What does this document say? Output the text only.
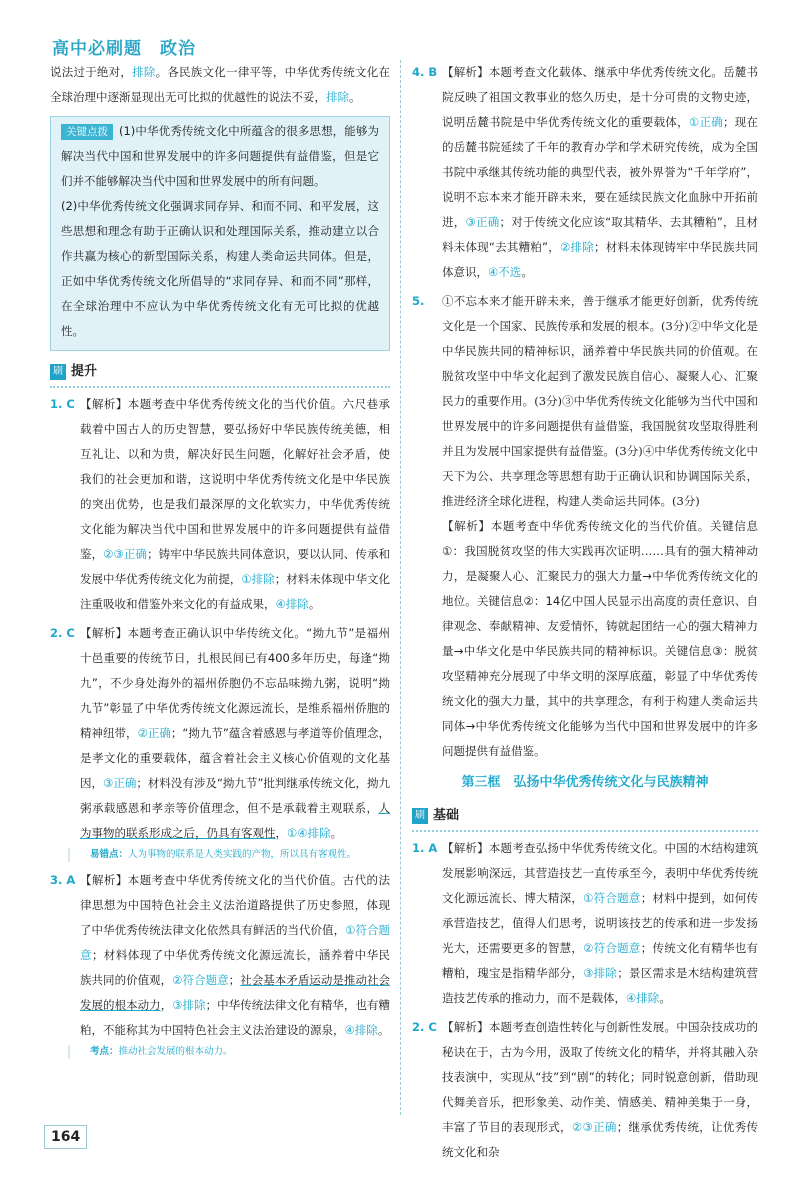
高中必刷题　政治

说法过于绝对，排除。各民族文化一律平等，中华优秀传统文化在全球治理中逐渐显现出无可比拟的优越性的说法不妥，排除。

关键点拨 (1)中华优秀传统文化中所蕴含的很多思想，能够为解决当代中国和世界发展中的许多问题提供有益借鉴，但是它们并不能够解决当代中国和世界发展中的所有问题。

(2)中华优秀传统文化强调求同存异、和而不同、和平发展，这些思想和理念有助于正确认识和处理国际关系，推动建立以合作共赢为核心的新型国际关系，构建人类命运共同体。但是，正如中华优秀传统文化所倡导的“求同存异、和而不同”那样，在全球治理中不应认为中华优秀传统文化有无可比拟的优越性。

刷 提升
1. C 【解析】本题考查中华优秀传统文化的当代价值。六尺巷承载着中国古人的历史智慧，要弘扬好中华民族传统美德，相互礼让、以和为贵，解决好民生问题，化解好社会矛盾，使我们的社会更加和谐，这说明中华优秀传统文化是中华民族的突出优势，也是我们最深厚的文化软实力，中华优秀传统文化能为解决当代中国和世界发展中的许多问题提供有益借鉴，②③正确；铸牢中华民族共同体意识，要以认同、传承和发展中华优秀传统文化为前提，①排除；材料未体现中华文化注重吸收和借鉴外来文化的有益成果，④排除。

2. C 【解析】本题考查正确认识中华传统文化。“拗九节”是福州十邑重要的传统节日，扎根民间已有400多年历史，每逢“拗九”，不少身处海外的福州侨胞仍不忘品味拗九粥，说明“拗九节”彰显了中华优秀传统文化源远流长，是维系福州侨胞的精神纽带，②正确；“拗九节”蕴含着感恩与孝道等价值理念，是孝文化的重要载体，蕴含着社会主义核心价值观的文化基因，③正确；材料没有涉及“拗九节”批判继承传统文化，拗九粥承载感恩和孝亲等价值理念，但不是承载着主观联系，人为事物的联系形成之后，仍具有客观性，①④排除。

易错点：人为事物的联系是人类实践的产物，所以具有客观性。
3. A 【解析】本题考查中华优秀传统文化的当代价值。古代的法律思想为中国特色社会主义法治道路提供了历史参照，体现了中华优秀传统法律文化依然具有鲜活的当代价值，①符合题意；材料体现了中华优秀传统文化源远流长，涵养着中华民族共同的价值观，②符合题意；社会基本矛盾运动是推动社会发展的根本动力，③排除；中华传统法律文化有精华，也有糟粕，不能称其为中国特色社会主义法治建设的源泉，④排除。

考点：推动社会发展的根本动力。
4. B 【解析】本题考查文化载体、继承中华优秀传统文化。岳麓书院反映了祖国文教事业的悠久历史，是十分可贵的文物史迹，说明岳麓书院是中华优秀传统文化的重要载体，①正确；现在的岳麓书院延续了千年的教育办学和学术研究传统，成为全国书院中承继其传统功能的典型代表，被外界誉为“千年学府”，说明不忘本来才能开辟未来，要在延续民族文化血脉中开拓前进，③正确；对于传统文化应该“取其精华、去其糟粕”，且材料未体现“去其糟粕”，②排除；材料未体现铸牢中华民族共同体意识，④不选。

5.	①不忘本来才能开辟未来，善于继承才能更好创新，优秀传统文化是一个国家、民族传承和发展的根本。(3分)②中华文化是中华民族共同的精神标识，涵养着中华民族共同的价值观。在脱贫攻坚中中华文化起到了激发民族自信心、凝聚人心、汇聚民力的重要作用。(3分)③中华优秀传统文化能够为当代中国和世界发展中的许多问题提供有益借鉴，我国脱贫攻坚取得胜利并且为发展中国家提供有益借鉴。(3分)④中华优秀传统文化中天下为公、共享理念等思想有助于正确认识和协调国际关系，推进经济全球化进程，构建人类命运共同体。(3分)

【解析】本题考查中华优秀传统文化的当代价值。关键信息①：我国脱贫攻坚的伟大实践再次证明……具有的强大精神动力，是凝聚人心、汇聚民力的强大力量→中华优秀传统文化的地位。关键信息②：14亿中国人民显示出高度的责任意识、自律观念、奉献精神、友爱情怀，铸就起团结一心的强大精神力量→中华文化是中华民族共同的精神标识。关键信息③：脱贫攻坚精神充分展现了中华文明的深厚底蕴，彰显了中华优秀传统文化的强大力量，其中的共享理念，有利于构建人类命运共同体→中华优秀传统文化能够为当代中国和世界发展中的许多问题提供有益借鉴。

第三框　弘扬中华优秀传统文化与民族精神
刷 基础
1. A 【解析】本题考查弘扬中华优秀传统文化。中国的木结构建筑发展影响深远，其营造技艺一直传承至今，表明中华优秀传统文化源远流长、博大精深，①符合题意；材料中提到，如何传承营造技艺，值得人们思考，说明该技艺的传承和进一步发扬光大，还需要更多的智慧，②符合题意；传统文化有精华也有糟粕，瑰宝是指精华部分，③排除；景区需求是木结构建筑营造技艺传承的推动力，而不是载体，④排除。

2. C 【解析】本题考查创造性转化与创新性发展。中国杂技成功的秘诀在于，古为今用，汲取了传统文化的精华，并将其融入杂技表演中，实现从“技”到“剧”的转化；同时锐意创新，借助现代舞美音乐，把形象美、动作美、情感美、精神美集于一身，丰富了节目的表现形式，②③正确；继承优秀传统，让优秀传统文化和杂

164
